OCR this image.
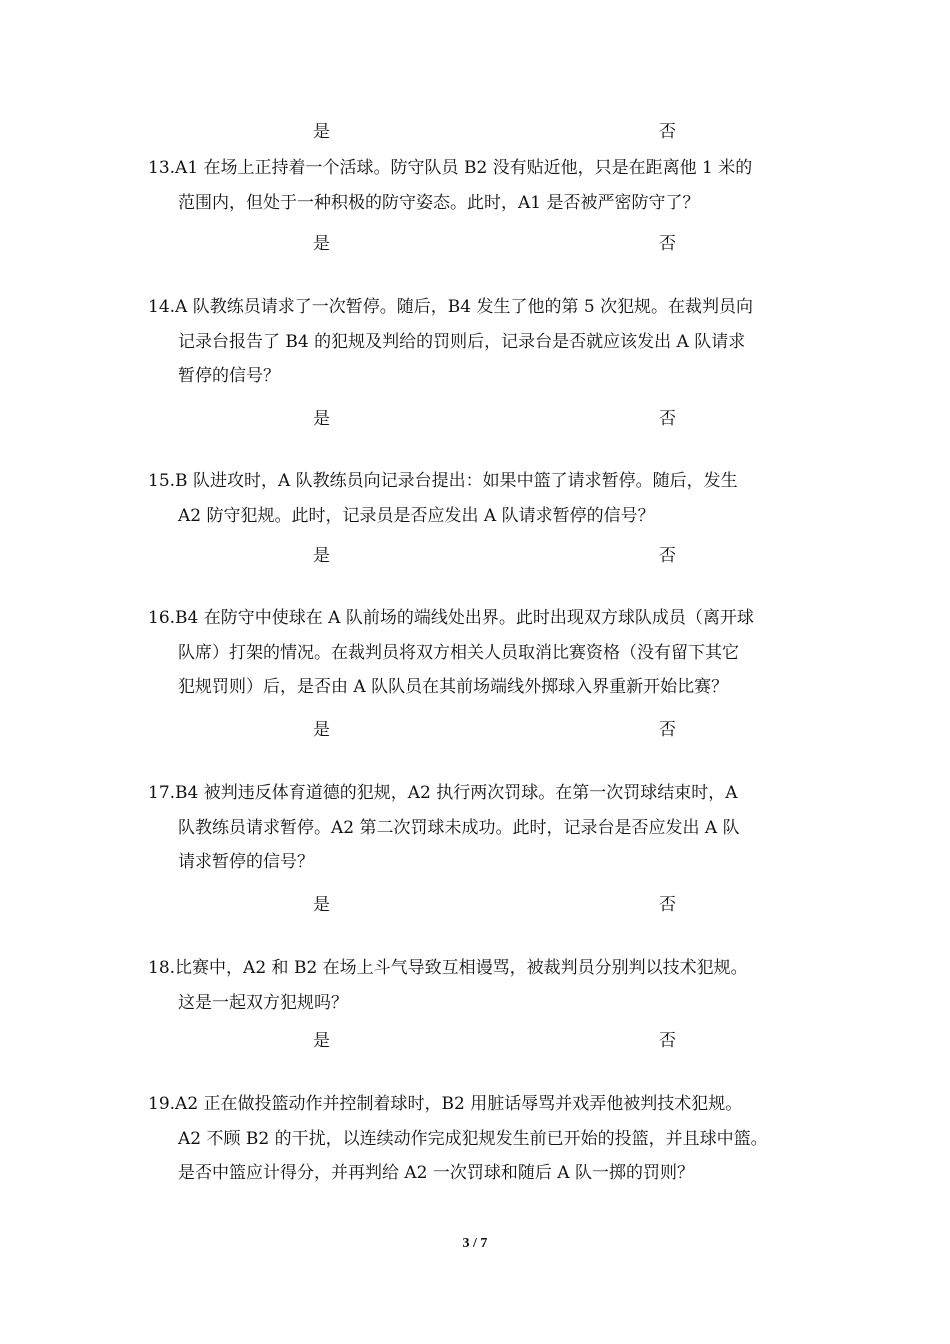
是	否
13.A1 在场上正持着一个活球。防守队员 B2 没有贴近他，只是在距离他 1 米的
范围内，但处于一种积极的防守姿态。此时，A1 是否被严密防守了？
是	否
14.A 队教练员请求了一次暂停。随后，B4 发生了他的第 5 次犯规。在裁判员向
记录台报告了 B4 的犯规及判给的罚则后，记录台是否就应该发出 A 队请求
暂停的信号？
是	否
15.B 队进攻时，A 队教练员向记录台提出：如果中篮了请求暂停。随后，发生
A2 防守犯规。此时，记录员是否应发出 A 队请求暂停的信号？
是	否
16.B4 在防守中使球在 A 队前场的端线处出界。此时出现双方球队成员（离开球
队席）打架的情况。在裁判员将双方相关人员取消比赛资格（没有留下其它
犯规罚则）后，是否由 A 队队员在其前场端线外掷球入界重新开始比赛？
是	否
17.B4 被判违反体育道德的犯规，A2 执行两次罚球。在第一次罚球结束时，A
队教练员请求暂停。A2 第二次罚球未成功。此时，记录台是否应发出 A 队
请求暂停的信号？
是	否
18.比赛中，A2 和 B2 在场上斗气导致互相谩骂，被裁判员分别判以技术犯规。
这是一起双方犯规吗？
是	否
19.A2 正在做投篮动作并控制着球时，B2 用脏话辱骂并戏弄他被判技术犯规。
A2 不顾 B2 的干扰，以连续动作完成犯规发生前已开始的投篮，并且球中篮。
是否中篮应计得分，并再判给 A2 一次罚球和随后 A 队一掷的罚则？
3 / 7
